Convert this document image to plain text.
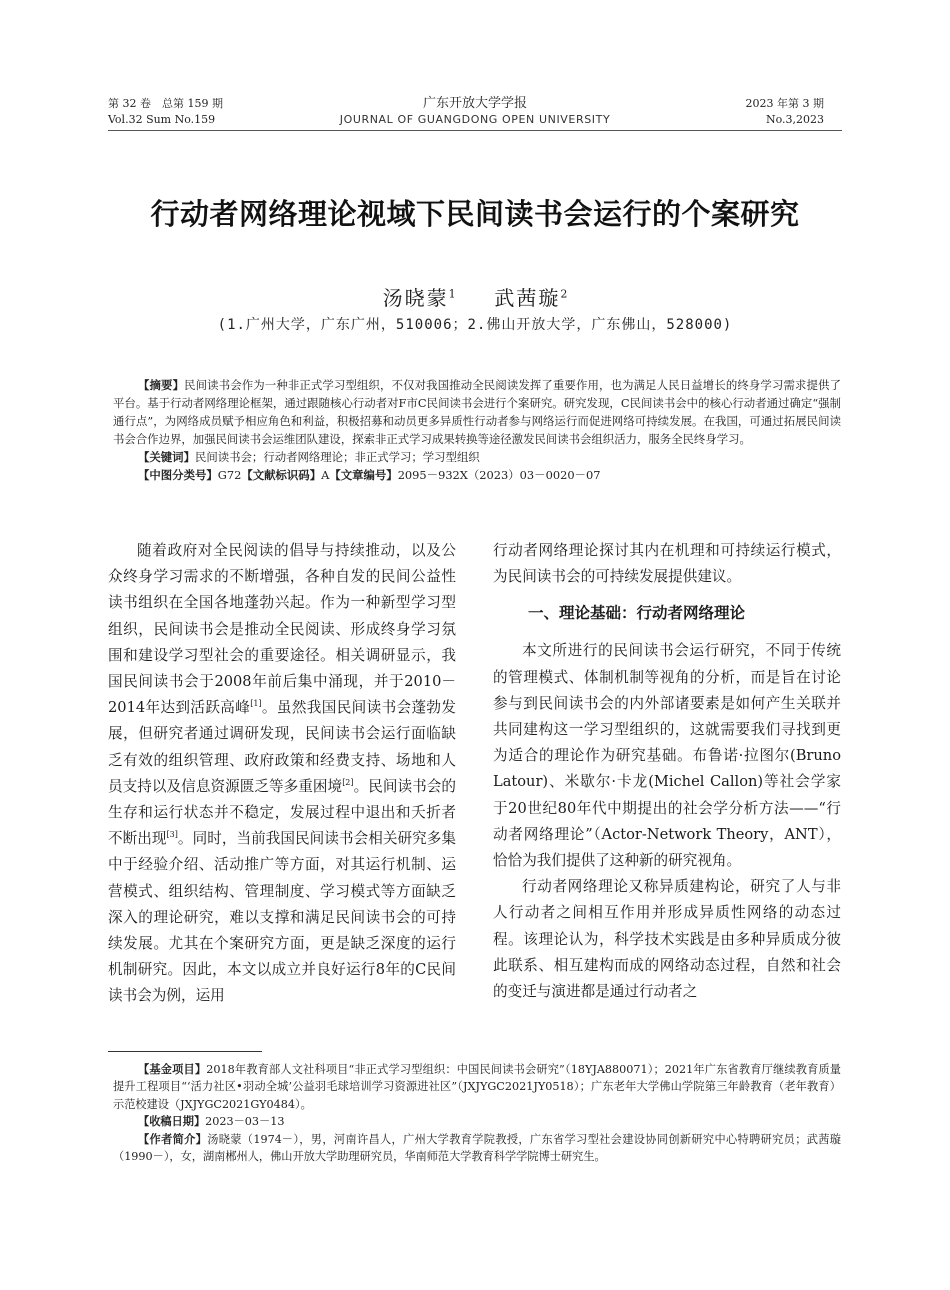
第 32 卷　总第 159 期
Vol.32 Sum No.159
广东开放大学学报
JOURNAL OF GUANGDONG OPEN UNIVERSITY
2023 年第 3 期
No.3,2023
行动者网络理论视域下民间读书会运行的个案研究
汤晓蒙$^1$ 武茜璇$^2$
(1.广州大学，广东广州，510006；2.佛山开放大学，广东佛山，528000)

【摘要】民间读书会作为一种非正式学习型组织，不仅对我国推动全民阅读发挥了重要作用，也为满足人民日益增长的终身学习需求提供了平台。基于行动者网络理论框架，通过跟随核心行动者对F市C民间读书会进行个案研究。研究发现，C民间读书会中的核心行动者通过确定“强制通行点”，为网络成员赋予相应角色和利益，积极招募和动员更多异质性行动者参与网络运行而促进网络可持续发展。在我国，可通过拓展民间读书会合作边界，加强民间读书会运维团队建设，探索非正式学习成果转换等途径激发民间读书会组织活力，服务全民终身学习。

【关键词】民间读书会；行动者网络理论；非正式学习；学习型组织

【中图分类号】G72【文献标识码】A【文章编号】2095－932X（2023）03－0020－07

随着政府对全民阅读的倡导与持续推动，以及公众终身学习需求的不断增强，各种自发的民间公益性读书组织在全国各地蓬勃兴起。作为一种新型学习型组织，民间读书会是推动全民阅读、形成终身学习氛围和建设学习型社会的重要途径。相关调研显示，我国民间读书会于2008年前后集中涌现，并于2010－2014年达到活跃高峰[1]。虽然我国民间读书会蓬勃发展，但研究者通过调研发现，民间读书会运行面临缺乏有效的组织管理、政府政策和经费支持、场地和人员支持以及信息资源匮乏等多重困境[2]。民间读书会的生存和运行状态并不稳定，发展过程中退出和夭折者不断出现[3]。同时，当前我国民间读书会相关研究多集中于经验介绍、活动推广等方面，对其运行机制、运营模式、组织结构、管理制度、学习模式等方面缺乏深入的理论研究，难以支撑和满足民间读书会的可持续发展。尤其在个案研究方面，更是缺乏深度的运行机制研究。因此，本文以成立并良好运行8年的C民间读书会为例，运用

行动者网络理论探讨其内在机理和可持续运行模式，为民间读书会的可持续发展提供建议。

一、理论基础：行动者网络理论

本文所进行的民间读书会运行研究，不同于传统的管理模式、体制机制等视角的分析，而是旨在讨论参与到民间读书会的内外部诸要素是如何产生关联并共同建构这一学习型组织的，这就需要我们寻找到更为适合的理论作为研究基础。布鲁诺·拉图尔(Bruno Latour)、米歇尔·卡龙(Michel Callon)等社会学家于20世纪80年代中期提出的社会学分析方法——“行动者网络理论”（Actor-Network Theory，ANT），恰恰为我们提供了这种新的研究视角。

行动者网络理论又称异质建构论，研究了人与非人行动者之间相互作用并形成异质性网络的动态过程。该理论认为，科学技术实践是由多种异质成分彼此联系、相互建构而成的网络动态过程，自然和社会的变迁与演进都是通过行动者之

【基金项目】2018年教育部人文社科项目“非正式学习型组织：中国民间读书会研究”（18YJA880071）；2021年广东省教育厅继续教育质量提升工程项目“‘活力社区•羽动全城’公益羽毛球培训学习资源进社区”（JXJYGC2021JY0518）；广东老年大学佛山学院第三年龄教育（老年教育）示范校建设（JXJYGC2021GY0484）。

【收稿日期】2023－03－13

【作者简介】汤晓蒙（1974－），男，河南许昌人，广州大学教育学院教授，广东省学习型社会建设协同创新研究中心特聘研究员；武茜璇（1990－），女，湖南郴州人，佛山开放大学助理研究员，华南师范大学教育科学学院博士研究生。
